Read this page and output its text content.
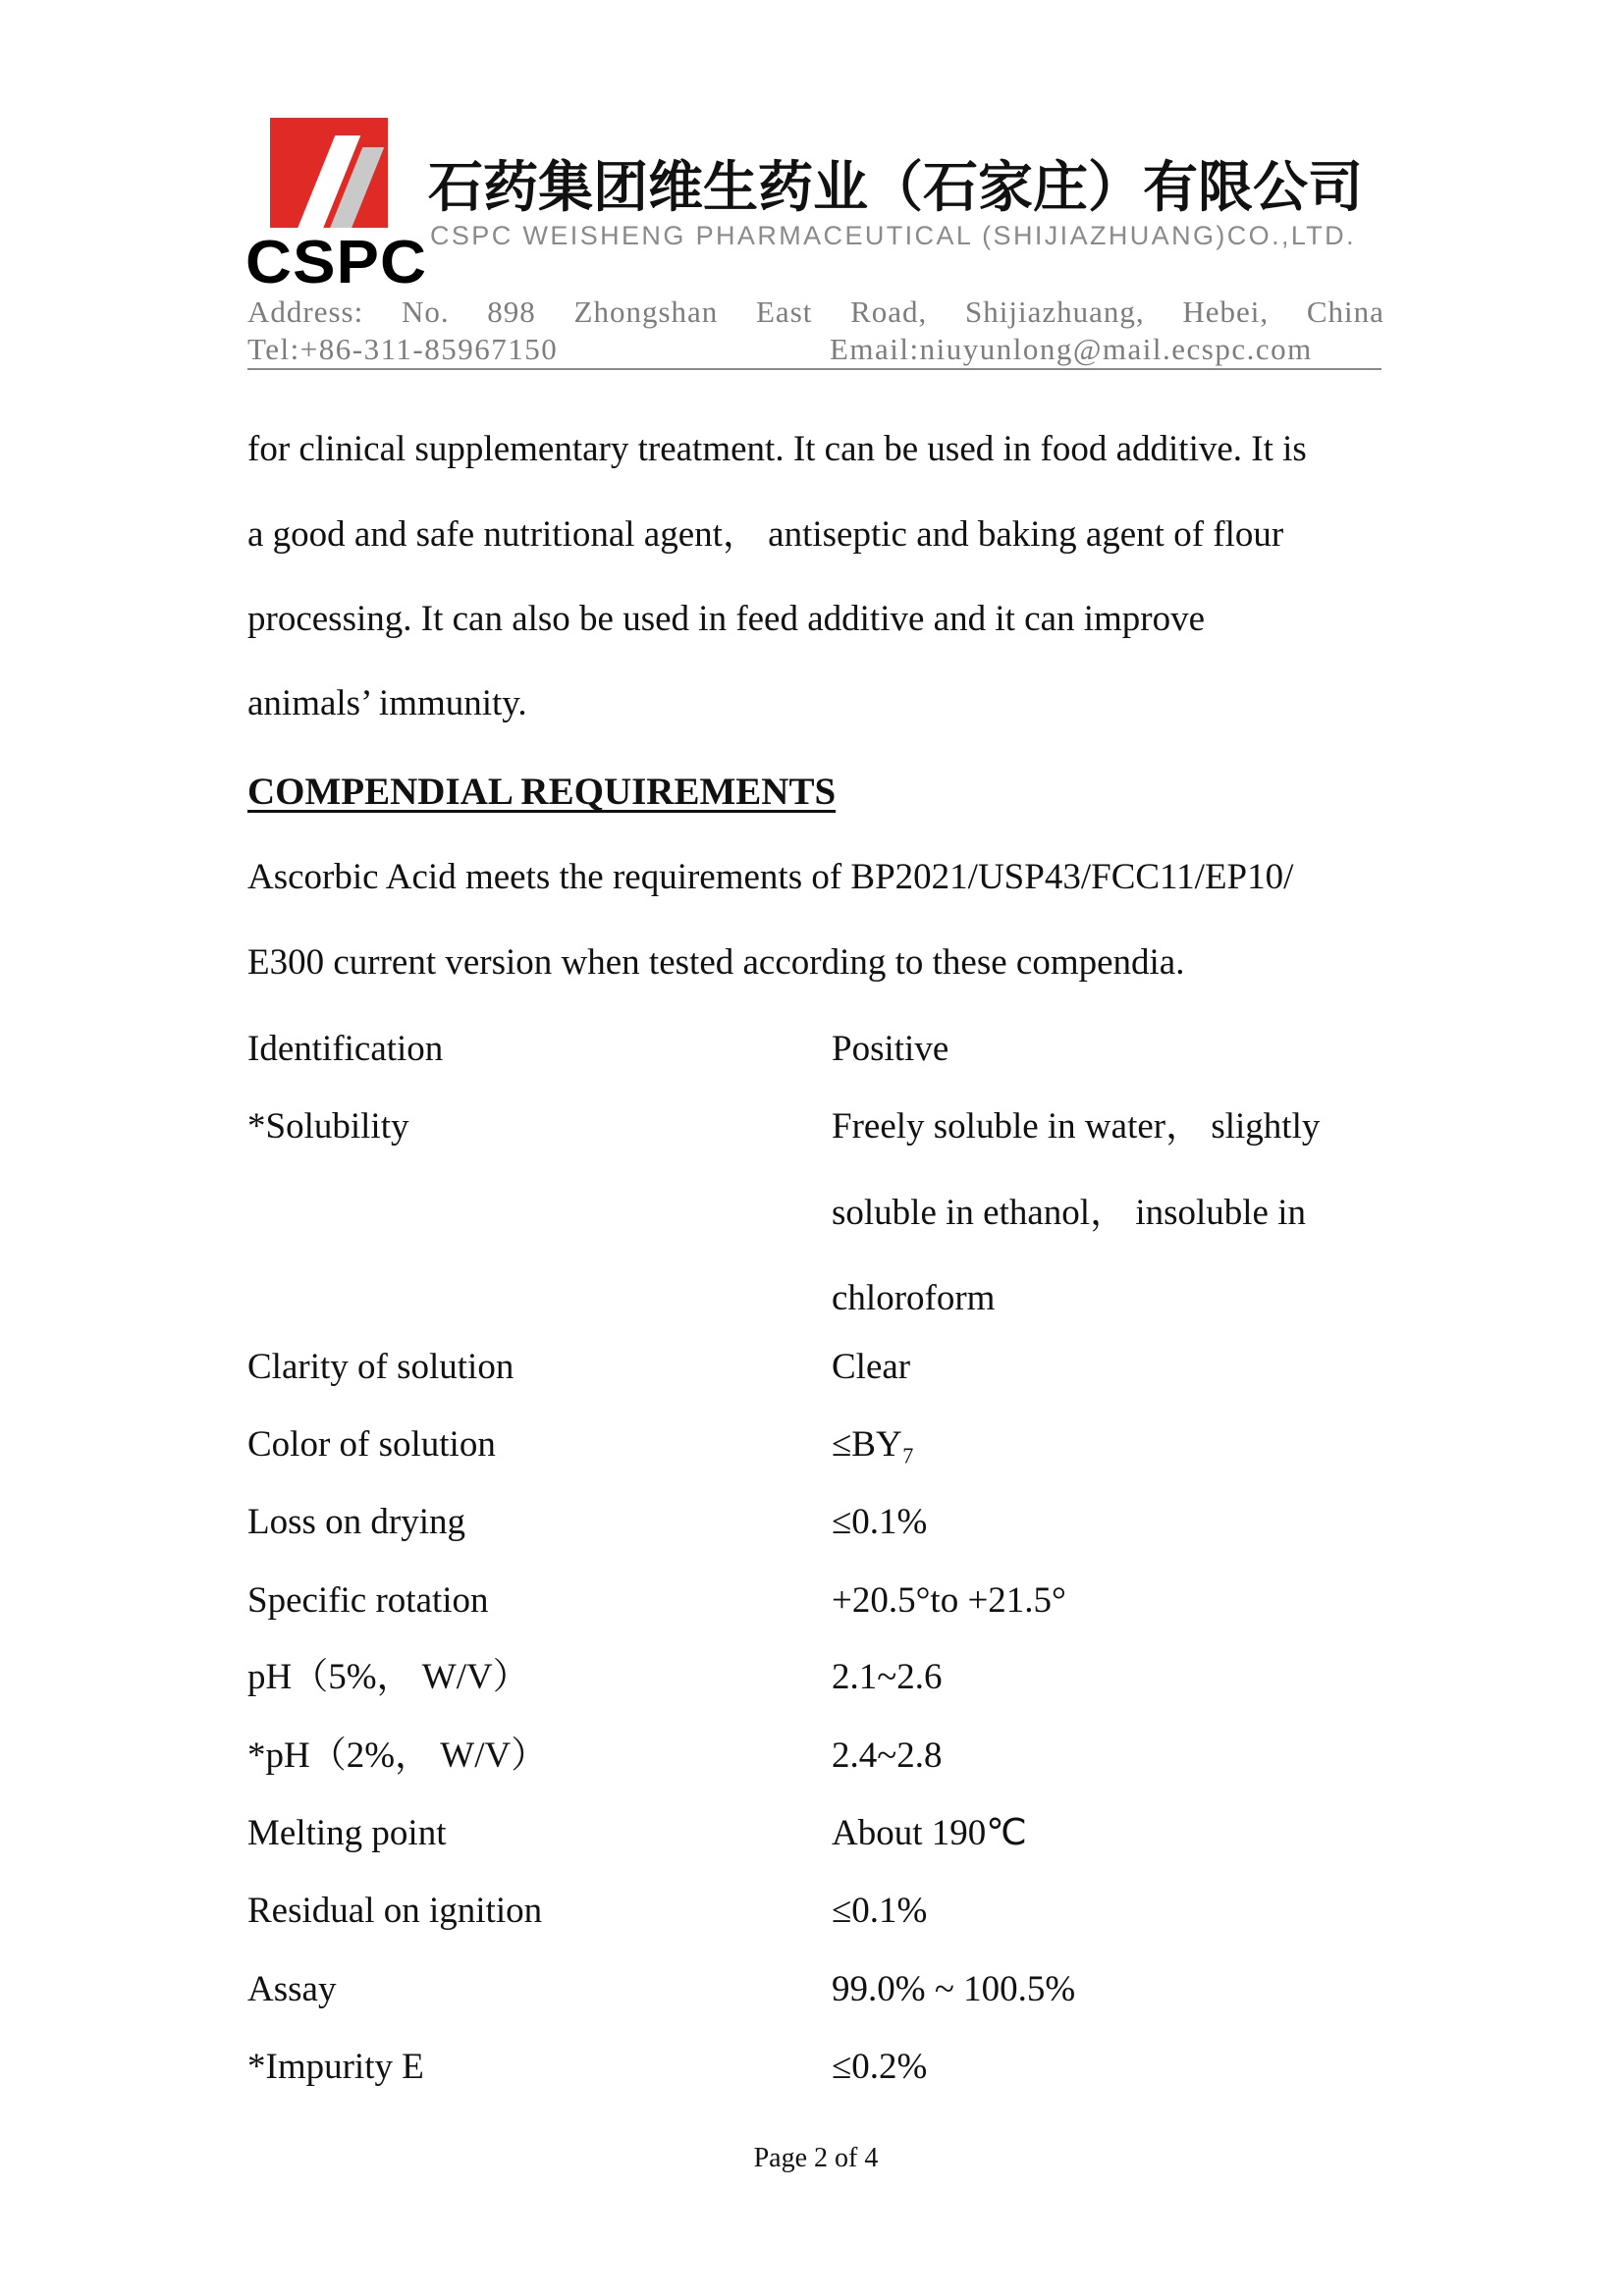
CSPC
石药集团维生药业（石家庄）有限公司
CSPC WEISHENG PHARMACEUTICAL (SHIJIAZHUANG)CO.,LTD.
Address: No. 898 Zhongshan East Road, Shijiazhuang, Hebei, China
Tel:+86-311-85967150	Email:niuyunlong@mail.ecspc.com
for clinical supplementary treatment. It can be used in food additive. It is
a good and safe nutritional agent， antiseptic and baking agent of flour
processing. It can also be used in feed additive and it can improve
animals’ immunity.
COMPENDIAL REQUIREMENTS
Ascorbic Acid meets the requirements of BP2021/USP43/FCC11/EP10/
E300 current version when tested according to these compendia.
Identification	Positive
*Solubility	Freely soluble in water， slightly
soluble in ethanol， insoluble in
chloroform
Clarity of solution	Clear
Color of solution	≤BY₇
Loss on drying	≤0.1%
Specific rotation	+20.5°to +21.5°
pH（5%， W/V）	2.1~2.6
*pH（2%， W/V）	2.4~2.8
Melting point	About 190℃
Residual on ignition	≤0.1%
Assay	99.0% ~ 100.5%
*Impurity E	≤0.2%
Page 2 of 4
